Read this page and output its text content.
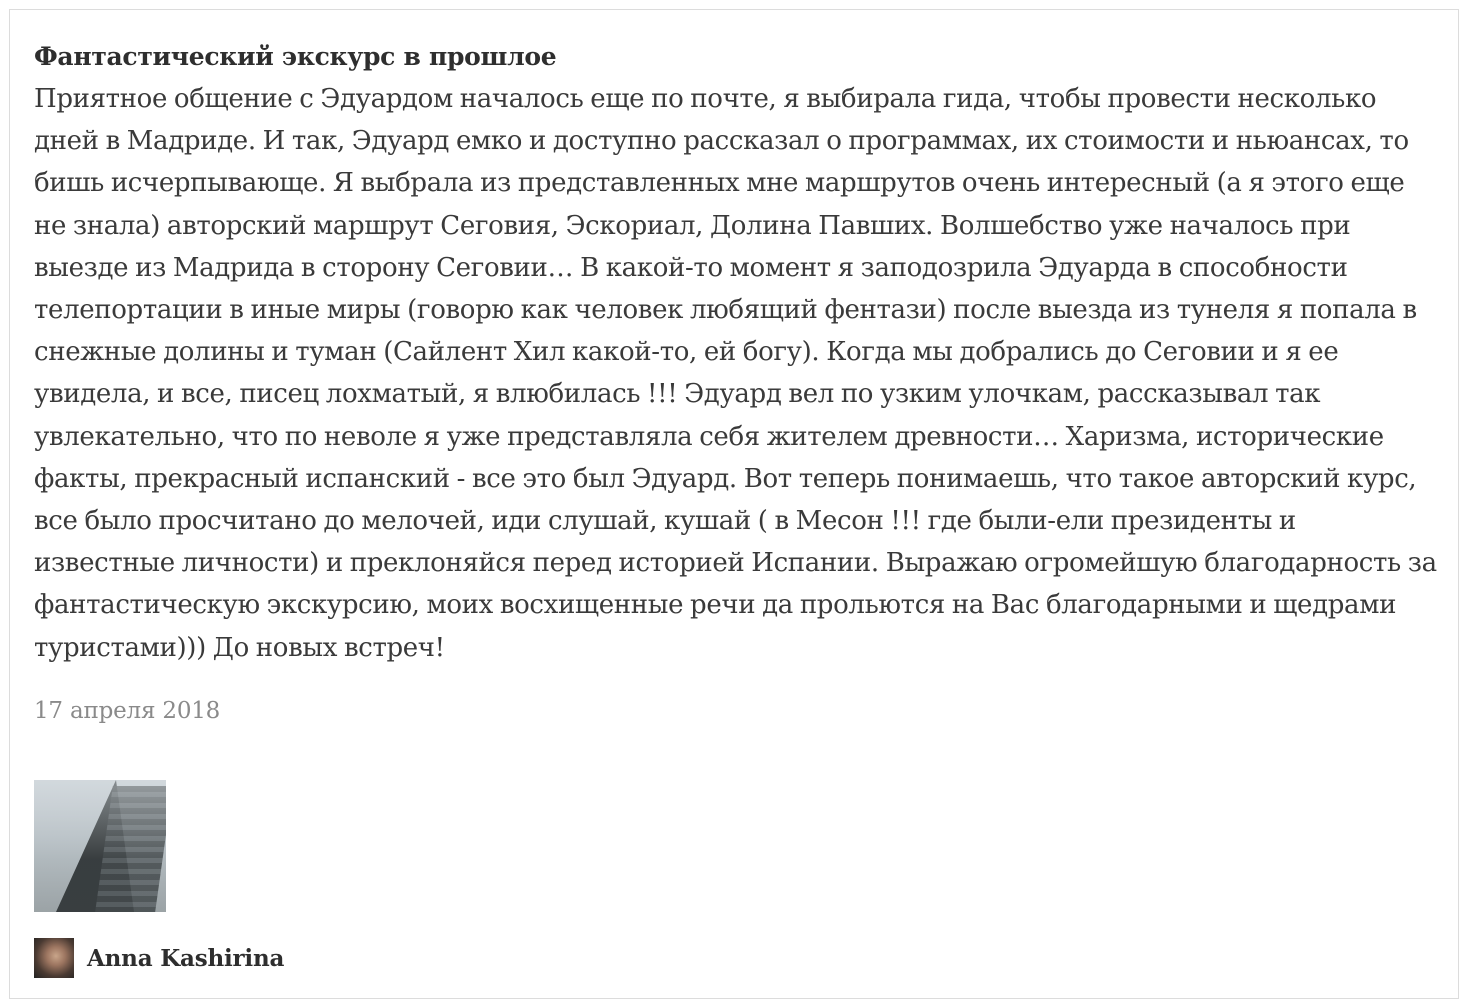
Фантастический экскурс в прошлое

Приятное общение с Эдуардом началось еще по почте, я выбирала гида, чтобы провести несколько дней в Мадриде. И так, Эдуард емко и доступно рассказал о программах, их стоимости и ньюансах, то бишь исчерпывающе. Я выбрала из представленных мне маршрутов очень интересный (а я этого еще не знала) авторский маршрут Сеговия, Эскориал, Долина Павших. Волшебство уже началось при выезде из Мадрида в сторону Сеговии… В какой-то момент я заподозрила Эдуарда в способности телепортации в иные миры (говорю как человек любящий фентази) после выезда из тунеля я попала в снежные долины и туман (Сайлент Хил какой-то, ей богу). Когда мы добрались до Сеговии и я ее увидела, и все, писец лохматый, я влюбилась !!! Эдуард вел по узким улочкам, рассказывал так увлекательно, что по неволе я уже представляла себя жителем древности… Харизма, исторические факты, прекрасный испанский - все это был Эдуард. Вот теперь понимаешь, что такое авторский курс, все было просчитано до мелочей, иди слушай, кушай ( в Месон !!! где были-ели президенты и известные личности) и преклоняйся перед историей Испании. Выражаю огромейшую благодарность за фантастическую экскурсию, моих восхищенные речи да прольются на Вас благодарными и щедрами туристами))) До новых встреч!

17 апреля 2018
Anna Kashirina
